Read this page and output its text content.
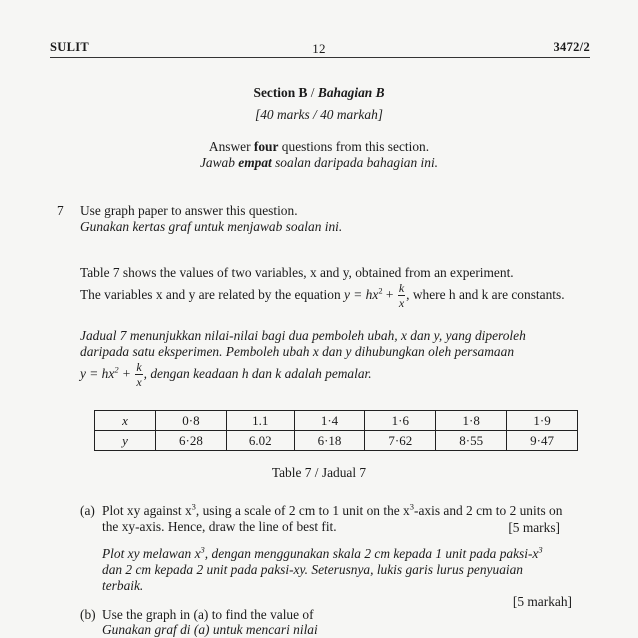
SULIT	12	3472/2
Section B / Bahagian B
[40 marks / 40 markah]
Answer four questions from this section.
Jawab empat soalan daripada bahagian ini.
7 Use graph paper to answer this question.
Gunakan kertas graf untuk menjawab soalan ini.
Table 7 shows the values of two variables, x and y, obtained from an experiment.
The variables x and y are related by the equation $y = hx^2 + \frac{k}{x}$ , where h and k are constants.
Jadual 7 menunjukkan nilai-nilai bagi dua pemboleh ubah, x dan y, yang diperoleh
daripada satu eksperimen. Pemboleh ubah x dan y dihubungkan oleh persamaan
$y = hx^2 + \frac{k}{x}$ , dengan keadaan h dan k adalah pemalar.
x	0·8	1.1	1·4	1·6	1·8	1·9
y	6·28	6.02	6·18	7·62	8·55	9·47
Table 7 / Jadual 7
(a) Plot xy against $x^3$, using a scale of 2 cm to 1 unit on the $x^3$-axis and 2 cm to 2 units on
the xy-axis. Hence, draw the line of best fit.	[5 marks]
Plot xy melawan $x^3$, dengan menggunakan skala 2 cm kepada 1 unit pada paksi-$x^3$
dan 2 cm kepada 2 unit pada paksi-xy. Seterusnya, lukis garis lurus penyuaian
terbaik.
[5 markah]
(b) Use the graph in (a) to find the value of
Gunakan graf di (a) untuk mencari nilai
